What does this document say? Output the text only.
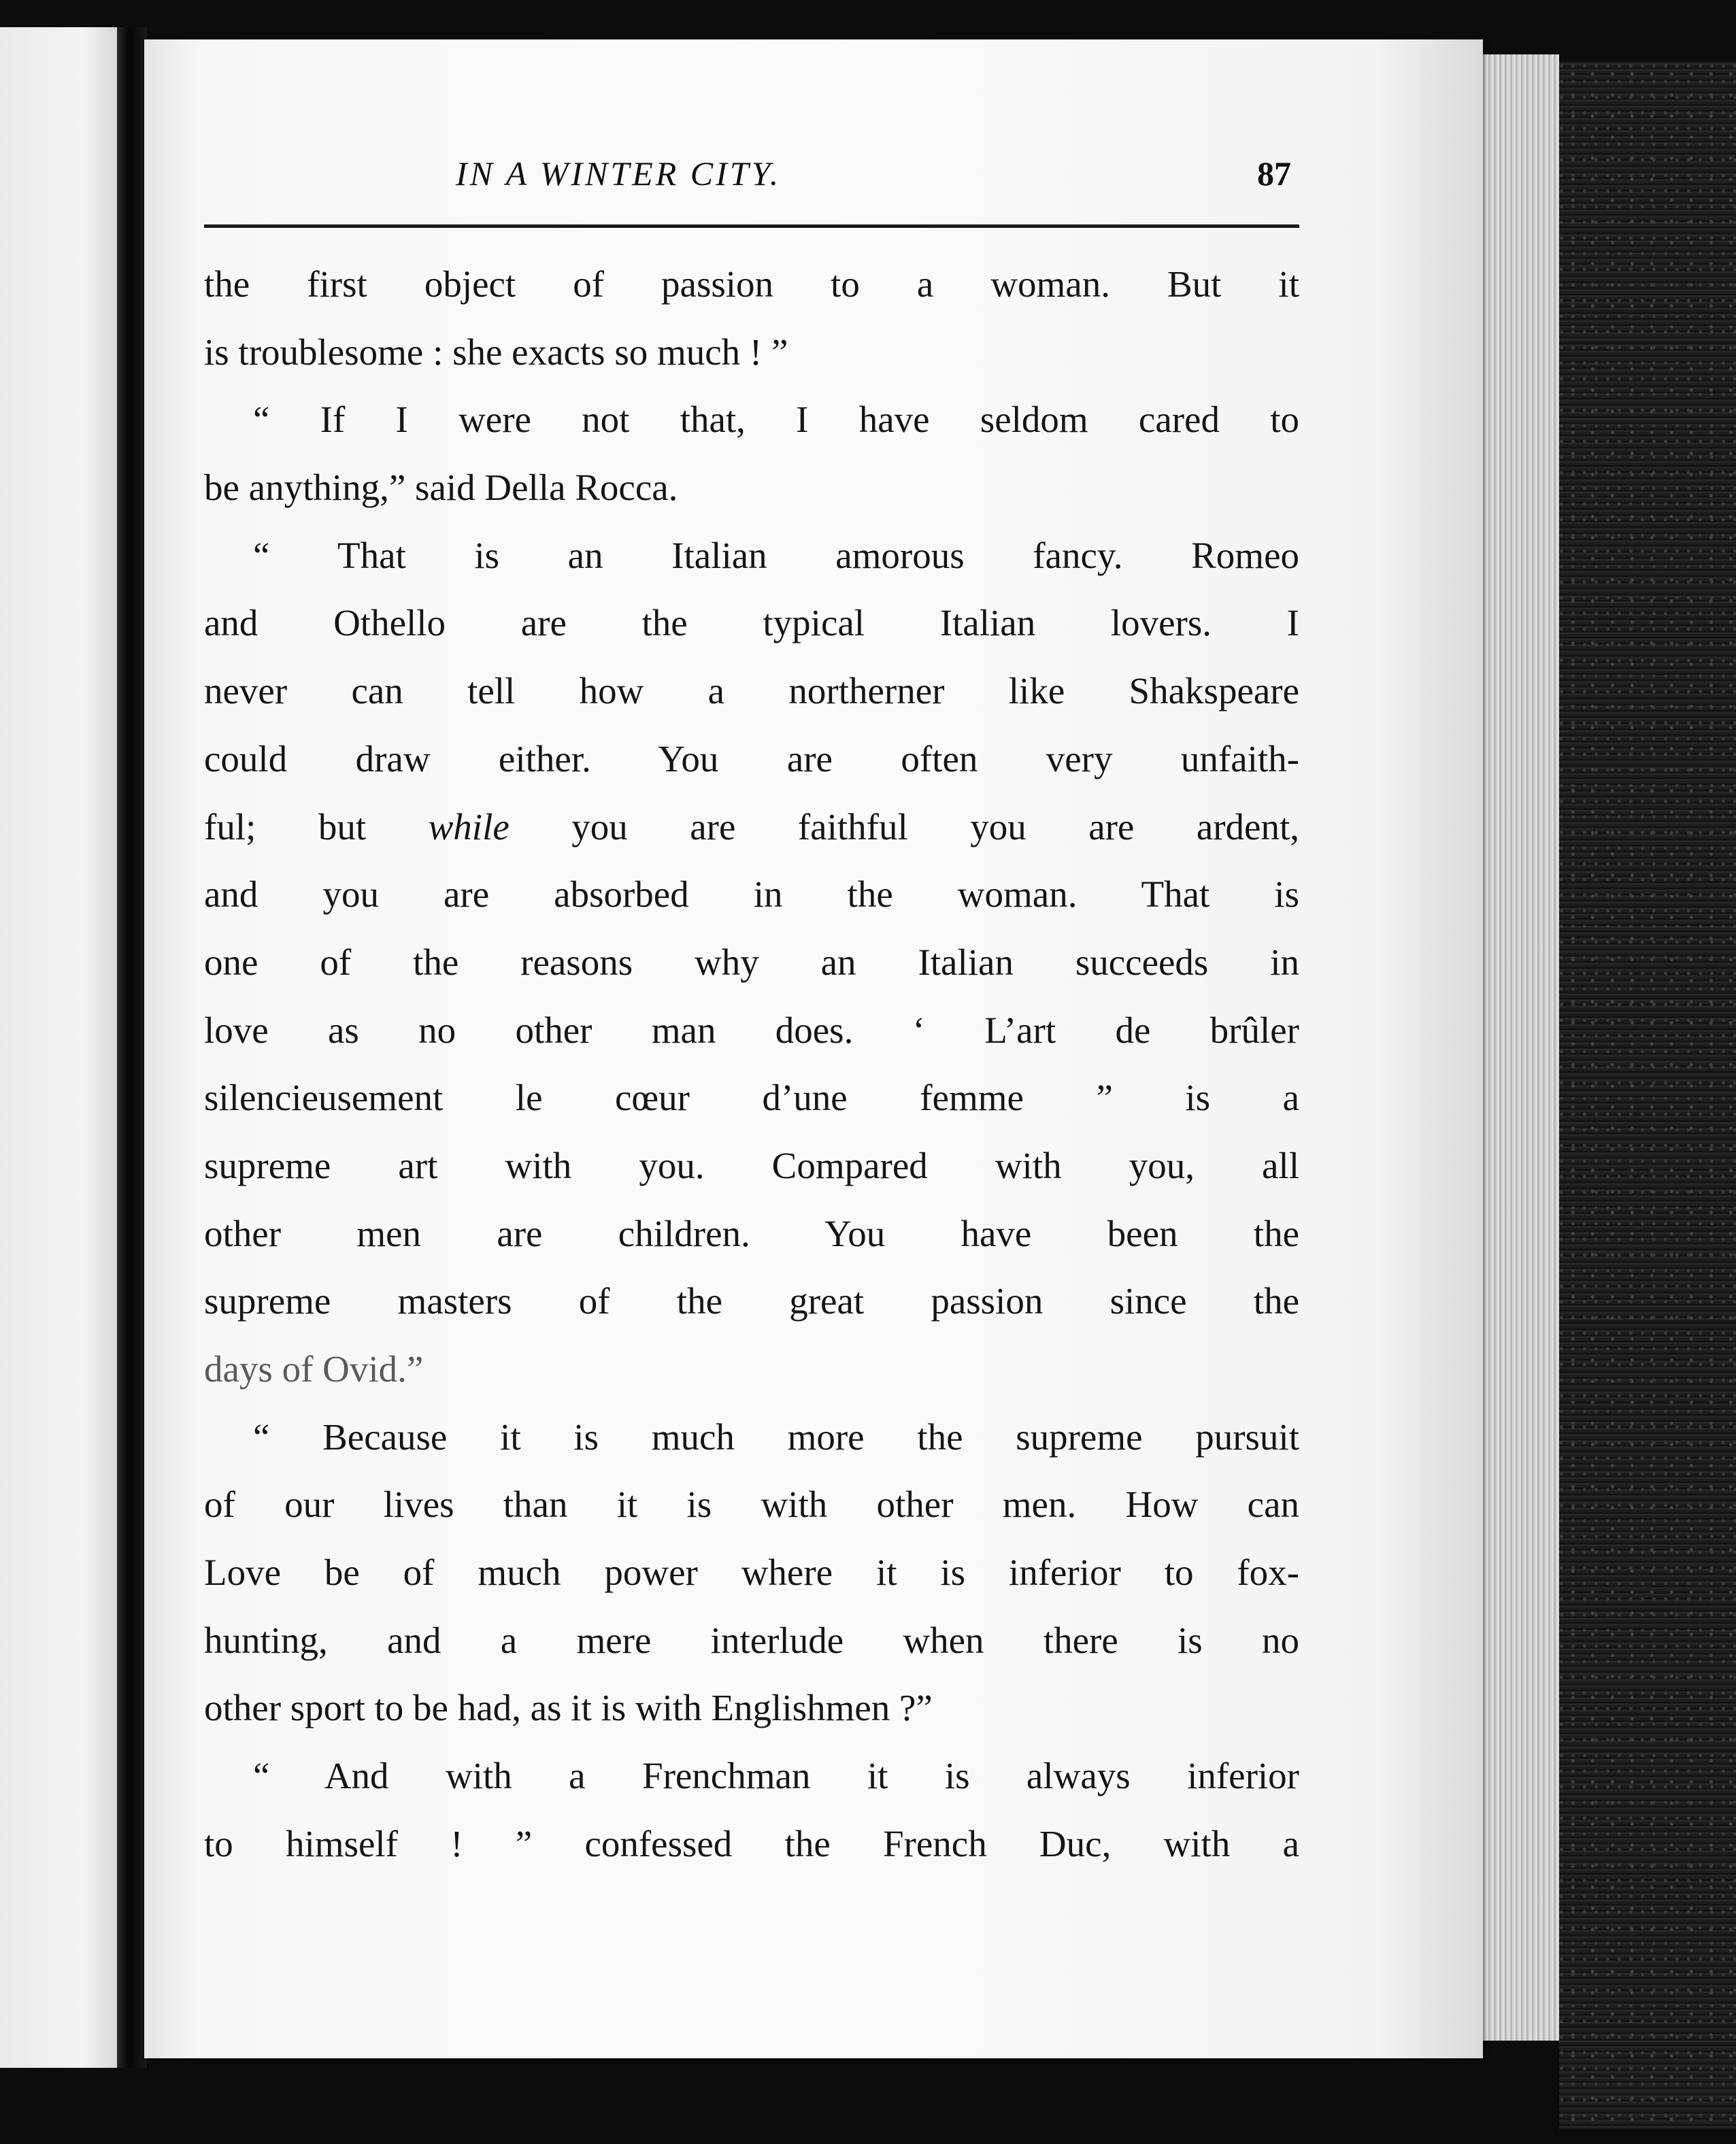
IN A WINTER CITY.	87
the first object of passion to a woman. But it
is troublesome : she exacts so much ! ”
“ If I were not that, I have seldom cared to
be anything,” said Della Rocca.
“ That is an Italian amorous fancy. Romeo
and Othello are the typical Italian lovers. I
never can tell how a northerner like Shakspeare
could draw either. You are often very unfaith-
ful; but while you are faithful you are ardent,
and you are absorbed in the woman. That is
one of the reasons why an Italian succeeds in
love as no other man does. ‘ L’art de brûler
silencieusement le cœur d’une femme ” is a
supreme art with you. Compared with you, all
other men are children. You have been the
supreme masters of the great passion since the
days of Ovid.”
“ Because it is much more the supreme pursuit
of our lives than it is with other men. How can
Love be of much power where it is inferior to fox-
hunting, and a mere interlude when there is no
other sport to be had, as it is with Englishmen ?”
“ And with a Frenchman it is always inferior
to himself ! ” confessed the French Duc, with a
